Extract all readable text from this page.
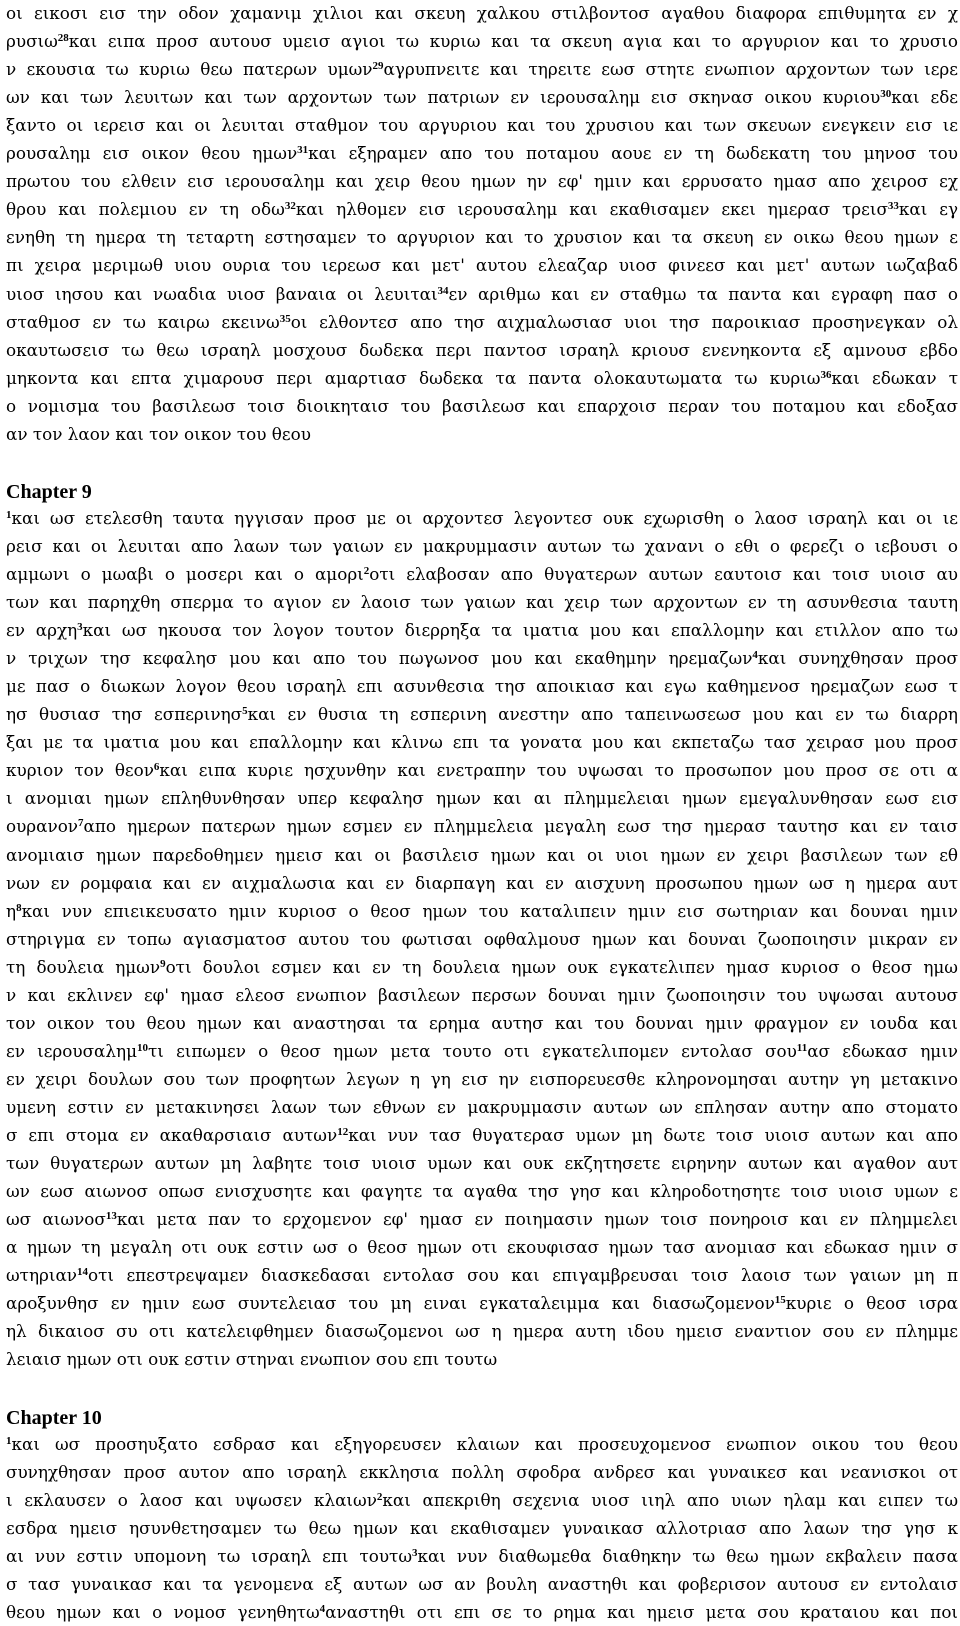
οι εικοσι εισ την οδον χαμανιμ χιλιοι και σκευη χαλκου στιλβοντοσ αγαθου διαφορα επιθυμητα εν χ
ρυσιω$^{28}$και ειπα προσ αυτουσ υμεισ αγιοι τω κυριω και τα σκευη αγια και το αργυριον και το χρυσιο
ν εκουσια τω κυριω θεω πατερων υμων$^{29}$αγρυπνειτε και τηρειτε εωσ στητε ενωπιον αρχοντων των ιερε
ων και των λευιτων και των αρχοντων των πατριων εν ιερουσαλημ εισ σκηνασ οικου κυριου$^{30}$και εδε
ξαντο οι ιερεισ και οι λευιται σταθμον του αργυριου και του χρυσιου και των σκευων ενεγκειν εισ ιε
ρουσαλημ εισ οικον θεου ημων$^{31}$και εξηραμεν απο του ποταμου αουε εν τη δωδεκατη του μηνοσ του
πρωτου του ελθειν εισ ιερουσαλημ και χειρ θεου ημων ην εφ' ημιν και ερρυσατο ημασ απο χειροσ εχ
θρου και πολεμιου εν τη οδω$^{32}$και ηλθομεν εισ ιερουσαλημ και εκαθισαμεν εκει ημερασ τρεισ$^{33}$και εγ
ενηθη τη ημερα τη τεταρτη εστησαμεν το αργυριον και το χρυσιον και τα σκευη εν οικω θεου ημων ε
πι χειρα μεριμωθ υιου ουρια του ιερεωσ και μετ' αυτου ελεαζαρ υιοσ φινεεσ και μετ' αυτων ιωζαβαδ
υιοσ ιησου και νωαδια υιοσ βαναια οι λευιται$^{34}$εν αριθμω και εν σταθμω τα παντα και εγραφη πασ ο
σταθμοσ εν τω καιρω εκεινω$^{35}$οι ελθοντεσ απο τησ αιχμαλωσιασ υιοι τησ παροικιασ προσηνεγκαν ολ
οκαυτωσεισ τω θεω ισραηλ μοσχουσ δωδεκα περι παντοσ ισραηλ κριουσ ενενηκοντα εξ αμνουσ εβδο
μηκοντα και επτα χιμαρουσ περι αμαρτιασ δωδεκα τα παντα ολοκαυτωματα τω κυριω$^{36}$και εδωκαν τ
ο νομισμα του βασιλεωσ τοισ διοικηταισ του βασιλεωσ και επαρχοισ περαν του ποταμου και εδοξασ
αν τον λαον και τον οικον του θεου
Chapter 9
$^1$και ωσ ετελεσθη ταυτα ηγγισαν προσ με οι αρχοντεσ λεγοντεσ ουκ εχωρισθη ο λαοσ ισραηλ και οι ιε
ρεισ και οι λευιται απο λαων των γαιων εν μακρυμμασιν αυτων τω χανανι ο εθι ο φερεζι ο ιεβουσι ο
αμμωνι ο μωαβι ο μοσερι και ο αμορι$^2$οτι ελαβοσαν απο θυγατερων αυτων εαυτοισ και τοισ υιοισ αυ
των και παρηχθη σπερμα το αγιον εν λαοισ των γαιων και χειρ των αρχοντων εν τη ασυνθεσια ταυτη
εν αρχη$^3$και ωσ ηκουσα τον λογον τουτον διερρηξα τα ιματια μου και επαλλομην και ετιλλον απο τω
ν τριχων τησ κεφαλησ μου και απο του πωγωνοσ μου και εκαθημην ηρεμαζων$^4$και συνηχθησαν προσ
με πασ ο διωκων λογον θεου ισραηλ επι ασυνθεσια τησ αποικιασ και εγω καθημενοσ ηρεμαζων εωσ τ
ησ θυσιασ τησ εσπερινησ$^5$και εν θυσια τη εσπερινη ανεστην απο ταπεινωσεωσ μου και εν τω διαρρη
ξαι με τα ιματια μου και επαλλομην και κλινω επι τα γονατα μου και εκπεταζω τασ χειρασ μου προσ
κυριον τον θεον$^6$και ειπα κυριε ησχυνθην και ενετραπην του υψωσαι το προσωπον μου προσ σε οτι α
ι ανομιαι ημων επληθυνθησαν υπερ κεφαλησ ημων και αι πλημμελειαι ημων εμεγαλυνθησαν εωσ εισ
ουρανον$^7$απο ημερων πατερων ημων εσμεν εν πλημμελεια μεγαλη εωσ τησ ημερασ ταυτησ και εν ταισ
ανομιαισ ημων παρεδοθημεν ημεισ και οι βασιλεισ ημων και οι υιοι ημων εν χειρι βασιλεων των εθ
νων εν ρομφαια και εν αιχμαλωσια και εν διαρπαγη και εν αισχυνη προσωπου ημων ωσ η ημερα αυτ
$\eta^8\kappa\alpha\iota$ νυν επιεικευσατο ημιν κυριοσ ο θεοσ ημων του καταλιπειν ημιν εισ σωτηριαν και δουναι ημιν
στηριγμα εν τοπω αγιασματοσ αυτου του φωτισαι οφθαλμουσ ημων και δουναι ζωοποιησιν μικραν εν
τη δουλεια ημων$^9$οτι δουλοι εσμεν και εν τη δουλεια ημων ουκ εγκατελιπεν ημασ κυριοσ ο θεοσ ημω
ν και εκλινεν εφ' ημασ ελεοσ ενωπιον βασιλεων περσων δουναι ημιν ζωοποιησιν του υψωσαι αυτουσ
τον οικον του θεου ημων και αναστησαι τα ερημα αυτησ και του δουναι ημιν φραγμον εν ιουδα και
εν ιερουσαλημ$^{10}$τι ειπωμεν ο θεοσ ημων μετα τουτο οτι εγκατελιπομεν εντολασ σου$^{11}$ασ εδωκασ ημιν
εν χειρι δουλων σου των προφητων λεγων η γη εισ ην εισπορευεσθε κληρονομησαι αυτην γη μετακινο
υμενη εστιν εν μετακινησει λαων των εθνων εν μακρυμμασιν αυτων ων επλησαν αυτην απο στοματο
σ επι στομα εν ακαθαρσιαισ αυτων$^{12}$και νυν τασ θυγατερασ υμων μη δωτε τοισ υιοισ αυτων και απο
των θυγατερων αυτων μη λαβητε τοισ υιοισ υμων και ουκ εκζητησετε ειρηνην αυτων και αγαθον αυτ
ων εωσ αιωνοσ οπωσ ενισχυσητε και φαγητε τα αγαθα τησ γησ και κληροδοτησητε τοισ υιοισ υμων ε
ωσ αιωνοσ$^{13}$και μετα παν το ερχομενον εφ' ημασ εν ποιημασιν ημων τοισ πονηροισ και εν πλημμελει
α ημων τη μεγαλη οτι ουκ εστιν ωσ ο θεοσ ημων οτι εκουφισασ ημων τασ ανομιασ και εδωκασ ημιν σ
ωτηριαν$^{14}$οτι επεστρεψαμεν διασκεδασαι εντολασ σου και επιγαμβρευσαι τοισ λαοισ των γαιων μη π
αροξυνθησ εν ημιν εωσ συντελειασ του μη ειναι εγκαταλειμμα και διασωζομενον$^{15}$κυριε ο θεοσ ισρα
ηλ δικαιοσ συ οτι κατελειφθημεν διασωζομενοι ωσ η ημερα αυτη ιδου ημεισ εναντιον σου εν πλημμε
λειαισ ημων οτι ουκ εστιν στηναι ενωπιον σου επι τουτω
Chapter 10
$^1$και ωσ προσηυξατο εσδρασ και εξηγορευσεν κλαιων και προσευχομενοσ ενωπιον οικου του θεου
συνηχθησαν προσ αυτον απο ισραηλ εκκλησια πολλη σφοδρα ανδρεσ και γυναικεσ και νεανισκοι οτ
ι εκλαυσεν ο λαοσ και υψωσεν κλαιων$^2$και απεκριθη σεχενια υιοσ ιιηλ απο υιων ηλαμ και ειπεν τω
εσδρα ημεισ ησυνθετησαμεν τω θεω ημων και εκαθισαμεν γυναικασ αλλοτριασ απο λαων τησ γησ κ
αι νυν εστιν υπομονη τω ισραηλ επι τουτω$^3$και νυν διαθωμεθα διαθηκην τω θεω ημων εκβαλειν πασα
σ τασ γυναικασ και τα γενομενα εξ αυτων ωσ αν βουλη αναστηθι και φοβερισον αυτουσ εν εντολαισ
θεου ημων και ο νομοσ γενηθητω$^4$αναστηθι οτι επι σε το ρημα και ημεισ μετα σου κραταιου και ποι
